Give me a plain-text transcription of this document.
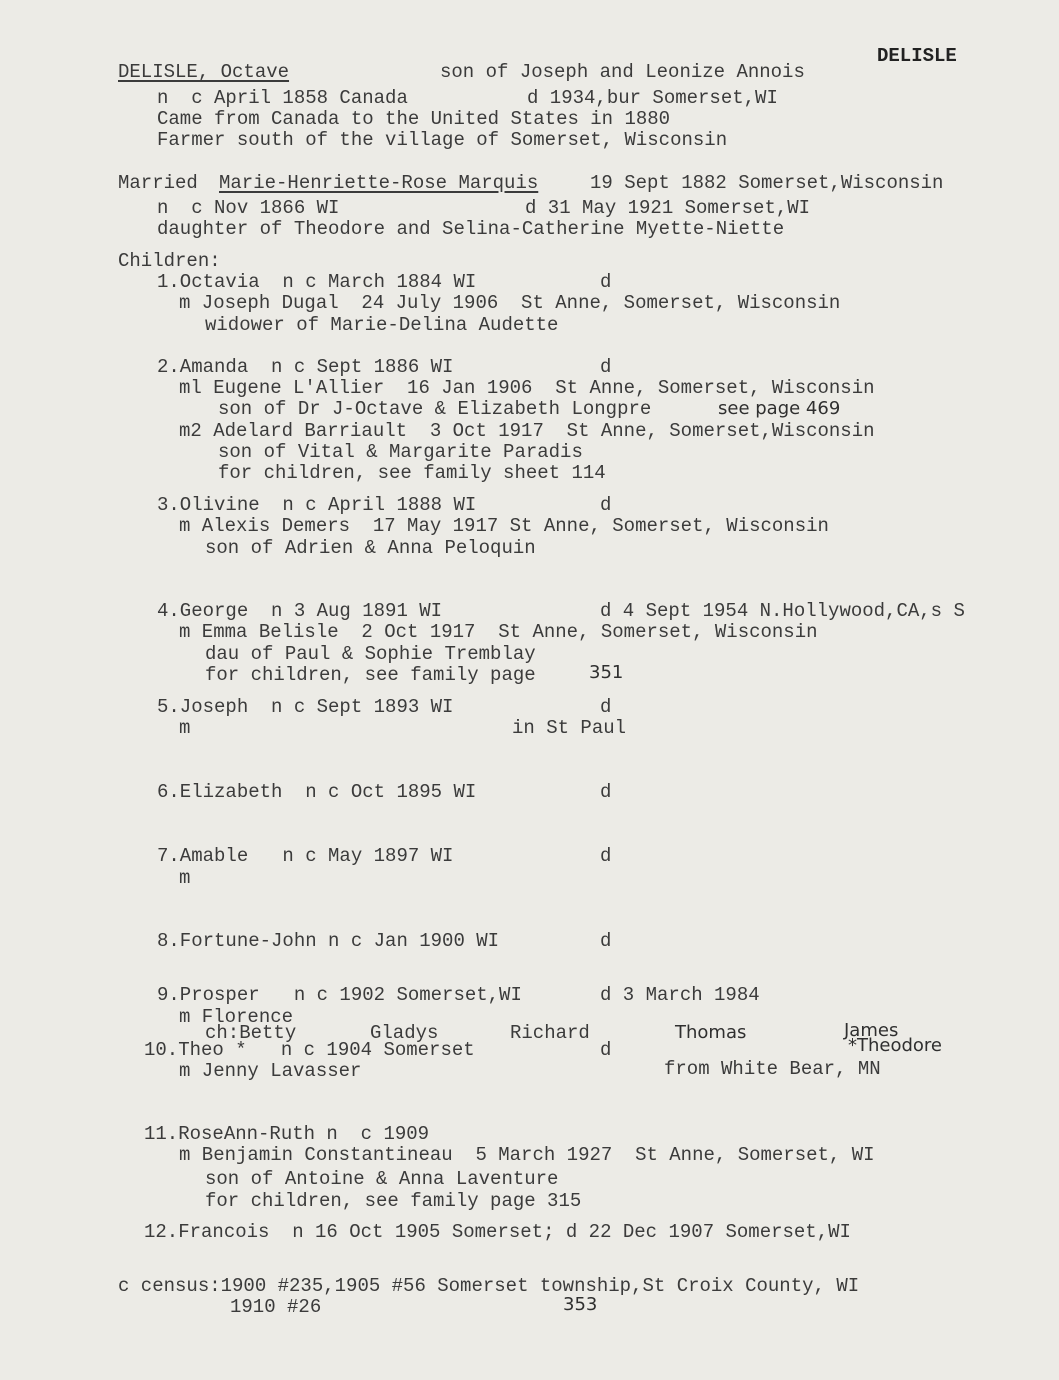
DELISLE
DELISLE, Octave	son of Joseph and Leonize Annois
n  c April 1858 Canada	d 1934,bur Somerset,WI
Came from Canada to the United States in 1880
Farmer south of the village of Somerset, Wisconsin
Married Marie-Henriette-Rose Marquis	19 Sept 1882 Somerset,Wisconsin
n  c Nov 1866 WI	d 31 May 1921 Somerset,WI
daughter of Theodore and Selina-Catherine Myette-Niette
Children:
1.Octavia  n c March 1884 WI	d
m Joseph Dugal  24 July 1906  St Anne, Somerset, Wisconsin
widower of Marie-Delina Audette
2.Amanda  n c Sept 1886 WI	d
ml Eugene L'Allier  16 Jan 1906  St Anne, Somerset, Wisconsin
son of Dr J-Octave & Elizabeth Longpre	see page 469
m2 Adelard Barriault  3 Oct 1917  St Anne, Somerset,Wisconsin
son of Vital & Margarite Paradis
for children, see family sheet 114
3.Olivine  n c April 1888 WI	d
m Alexis Demers  17 May 1917 St Anne, Somerset, Wisconsin
son of Adrien & Anna Peloquin
4.George  n 3 Aug 1891 WI	d 4 Sept 1954 N.Hollywood,CA,s S
m Emma Belisle  2 Oct 1917  St Anne, Somerset, Wisconsin
dau of Paul & Sophie Tremblay
for children, see family page	351
5.Joseph  n c Sept 1893 WI	d
m	in St Paul
6.Elizabeth  n c Oct 1895 WI	d
7.Amable   n c May 1897 WI	d
m
8.Fortune-John n c Jan 1900 WI	d
9.Prosper   n c 1902 Somerset,WI	d 3 March 1984
m Florence
ch:Betty	Gladys	Richard	Thomas	James
*Theodore
10.Theo *   n c 1904 Somerset	d
m Jenny Lavasser	from White Bear, MN
11.RoseAnn-Ruth n  c 1909
m Benjamin Constantineau  5 March 1927  St Anne, Somerset, WI
son of Antoine & Anna Laventure
for children, see family page 315
12.Francois  n 16 Oct 1905 Somerset; d 22 Dec 1907 Somerset,WI
c census:1900 #235,1905 #56 Somerset township,St Croix County, WI
1910 #26	353
